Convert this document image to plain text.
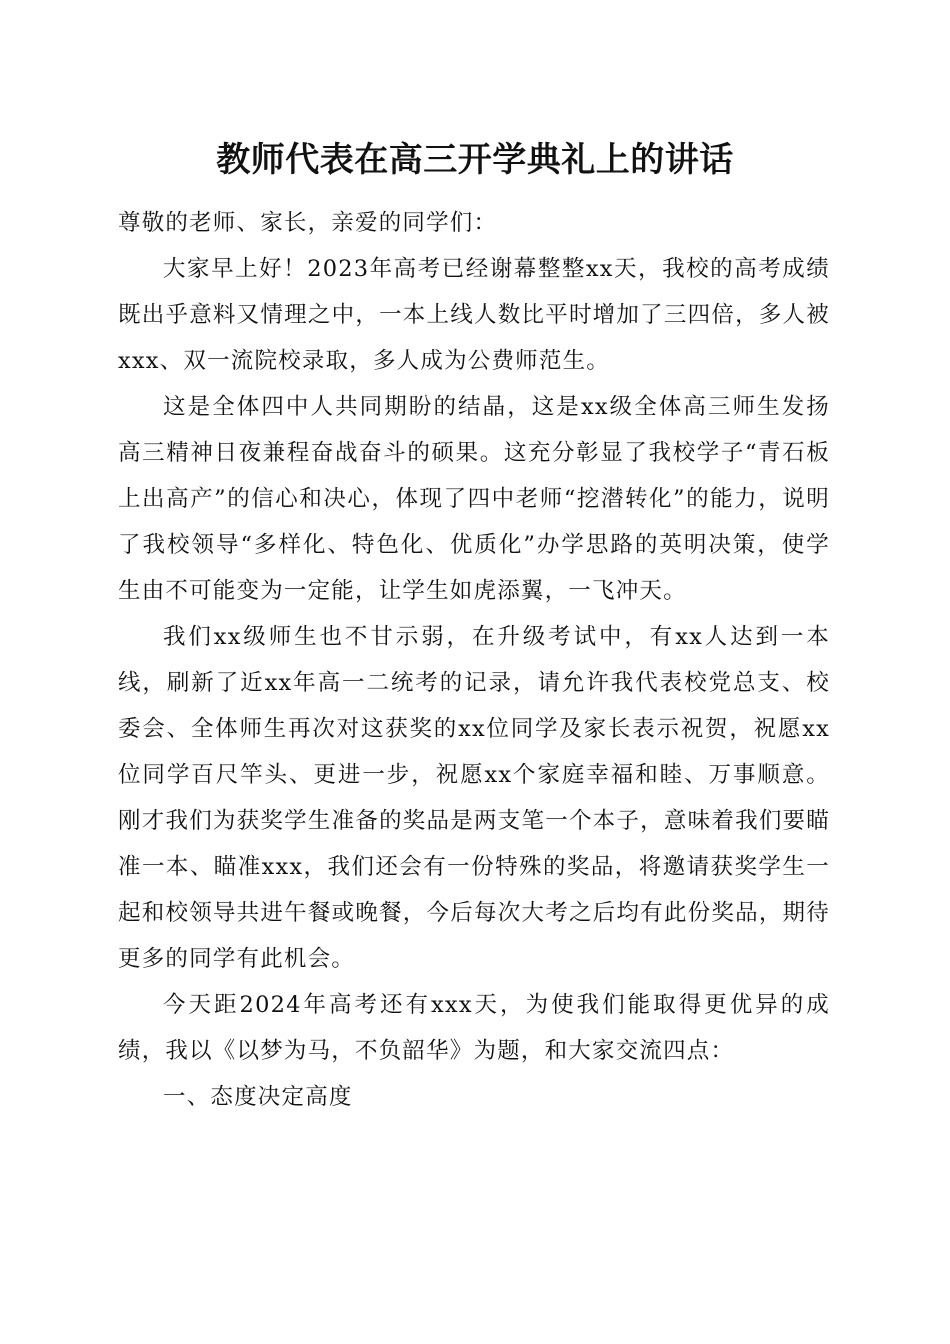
教师代表在高三开学典礼上的讲话

尊敬的老师、家长，亲爱的同学们：

大家早上好！2023年高考已经谢幕整整xx天，我校的高考成绩既出乎意料又情理之中，一本上线人数比平时增加了三四倍，多人被xxx、双一流院校录取，多人成为公费师范生。

这是全体四中人共同期盼的结晶，这是xx级全体高三师生发扬高三精神日夜兼程奋战奋斗的硕果。这充分彰显了我校学子“青石板上出高产”的信心和决心，体现了四中老师“挖潜转化”的能力，说明了我校领导“多样化、特色化、优质化”办学思路的英明决策，使学生由不可能变为一定能，让学生如虎添翼，一飞冲天。

我们xx级师生也不甘示弱，在升级考试中，有xx人达到一本线，刷新了近xx年高一二统考的记录，请允许我代表校党总支、校委会、全体师生再次对这获奖的xx位同学及家长表示祝贺，祝愿xx位同学百尺竿头、更进一步，祝愿xx个家庭幸福和睦、万事顺意。刚才我们为获奖学生准备的奖品是两支笔一个本子，意味着我们要瞄准一本、瞄准xxx，我们还会有一份特殊的奖品，将邀请获奖学生一起和校领导共进午餐或晚餐，今后每次大考之后均有此份奖品，期待更多的同学有此机会。

今天距2024年高考还有xxx天，为使我们能取得更优异的成绩，我以《以梦为马，不负韶华》为题，和大家交流四点：

一、态度决定高度
